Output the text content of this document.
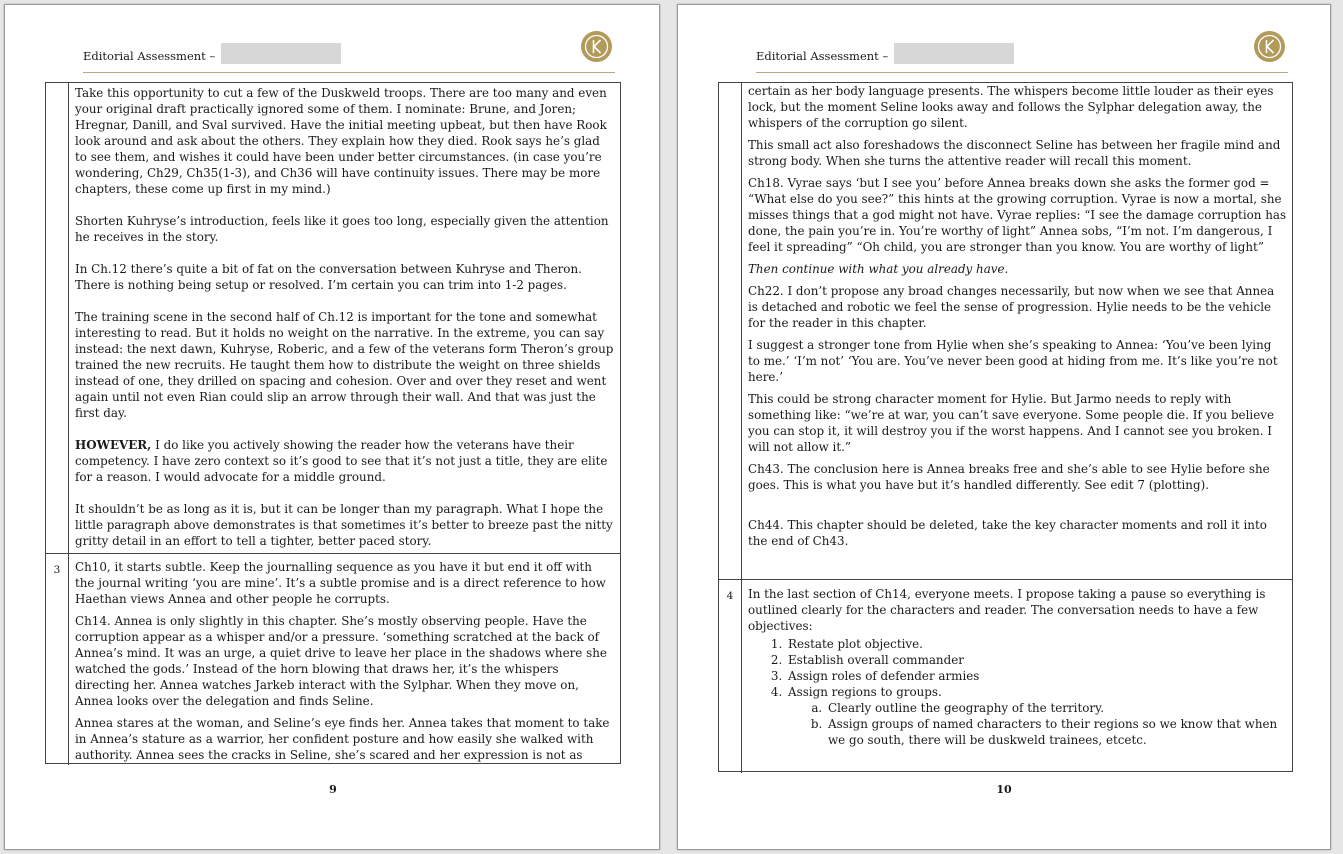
Editorial Assessment –

Take this opportunity to cut a few of the Duskweld troops. There are too many and even your original draft practically ignored some of them. I nominate: Brune, and Joren; Hregnar, Danill, and Sval survived. Have the initial meeting upbeat, but then have Rook look around and ask about the others. They explain how they died. Rook says he’s glad to see them, and wishes it could have been under better circumstances. (in case you’re wondering, Ch29, Ch35(1-3), and Ch36 will have continuity issues. There may be more chapters, these come up first in my mind.)

Shorten Kuhryse’s introduction, feels like it goes too long, especially given the attention he receives in the story.

In Ch.12 there’s quite a bit of fat on the conversation between Kuhryse and Theron. There is nothing being setup or resolved. I’m certain you can trim into 1-2 pages.

The training scene in the second half of Ch.12 is important for the tone and somewhat interesting to read. But it holds no weight on the narrative. In the extreme, you can say instead: the next dawn, Kuhryse, Roberic, and a few of the veterans form Theron’s group trained the new recruits. He taught them how to distribute the weight on three shields instead of one, they drilled on spacing and cohesion. Over and over they reset and went again until not even Rian could slip an arrow through their wall. And that was just the first day.

HOWEVER, I do like you actively showing the reader how the veterans have their competency. I have zero context so it’s good to see that it’s not just a title, they are elite for a reason. I would advocate for a middle ground.

It shouldn’t be as long as it is, but it can be longer than my paragraph. What I hope the little paragraph above demonstrates is that sometimes it’s better to breeze past the nitty gritty detail in an effort to tell a tighter, better paced story.

3	Ch10, it starts subtle. Keep the journalling sequence as you have it but end it off with the journal writing ‘you are mine’. It’s a subtle promise and is a direct reference to how Haethan views Annea and other people he corrupts.

Ch14. Annea is only slightly in this chapter. She’s mostly observing people. Have the corruption appear as a whisper and/or a pressure. ‘something scratched at the back of Annea’s mind. It was an urge, a quiet drive to leave her place in the shadows where she watched the gods.’ Instead of the horn blowing that draws her, it’s the whispers directing her. Annea watches Jarkeb interact with the Sylphar. When they move on, Annea looks over the delegation and finds Seline.

Annea stares at the woman, and Seline’s eye finds her. Annea takes that moment to take in Annea’s stature as a warrior, her confident posture and how easily she walked with authority. Annea sees the cracks in Seline, she’s scared and her expression is not as

9
Editorial Assessment –

certain as her body language presents. The whispers become little louder as their eyes lock, but the moment Seline looks away and follows the Sylphar delegation away, the whispers of the corruption go silent.

This small act also foreshadows the disconnect Seline has between her fragile mind and strong body. When she turns the attentive reader will recall this moment.

Ch18. Vyrae says ‘but I see you’ before Annea breaks down she asks the former god = “What else do you see?” this hints at the growing corruption. Vyrae is now a mortal, she misses things that a god might not have. Vyrae replies: “I see the damage corruption has done, the pain you’re in. You’re worthy of light” Annea sobs, “I’m not. I’m dangerous, I feel it spreading” “Oh child, you are stronger than you know. You are worthy of light”

Then continue with what you already have.

Ch22. I don’t propose any broad changes necessarily, but now when we see that Annea is detached and robotic we feel the sense of progression. Hylie needs to be the vehicle for the reader in this chapter.

I suggest a stronger tone from Hylie when she’s speaking to Annea: ‘You’ve been lying to me.’ ‘I’m not’ ‘You are. You’ve never been good at hiding from me. It’s like you’re not here.’

This could be strong character moment for Hylie. But Jarmo needs to reply with something like: “we’re at war, you can’t save everyone. Some people die. If you believe you can stop it, it will destroy you if the worst happens. And I cannot see you broken. I will not allow it.”

Ch43. The conclusion here is Annea breaks free and she’s able to see Hylie before she goes. This is what you have but it’s handled differently. See edit 7 (plotting).

Ch44. This chapter should be deleted, take the key character moments and roll it into the end of Ch43.

4	In the last section of Ch14, everyone meets. I propose taking a pause so everything is outlined clearly for the characters and reader. The conversation needs to have a few objectives:

1. Restate plot objective.
2. Establish overall commander
3. Assign roles of defender armies
4. Assign regions to groups.
a. Clearly outline the geography of the territory.
b. Assign groups of named characters to their regions so we know that when we go south, there will be duskweld trainees, etcetc.
10
